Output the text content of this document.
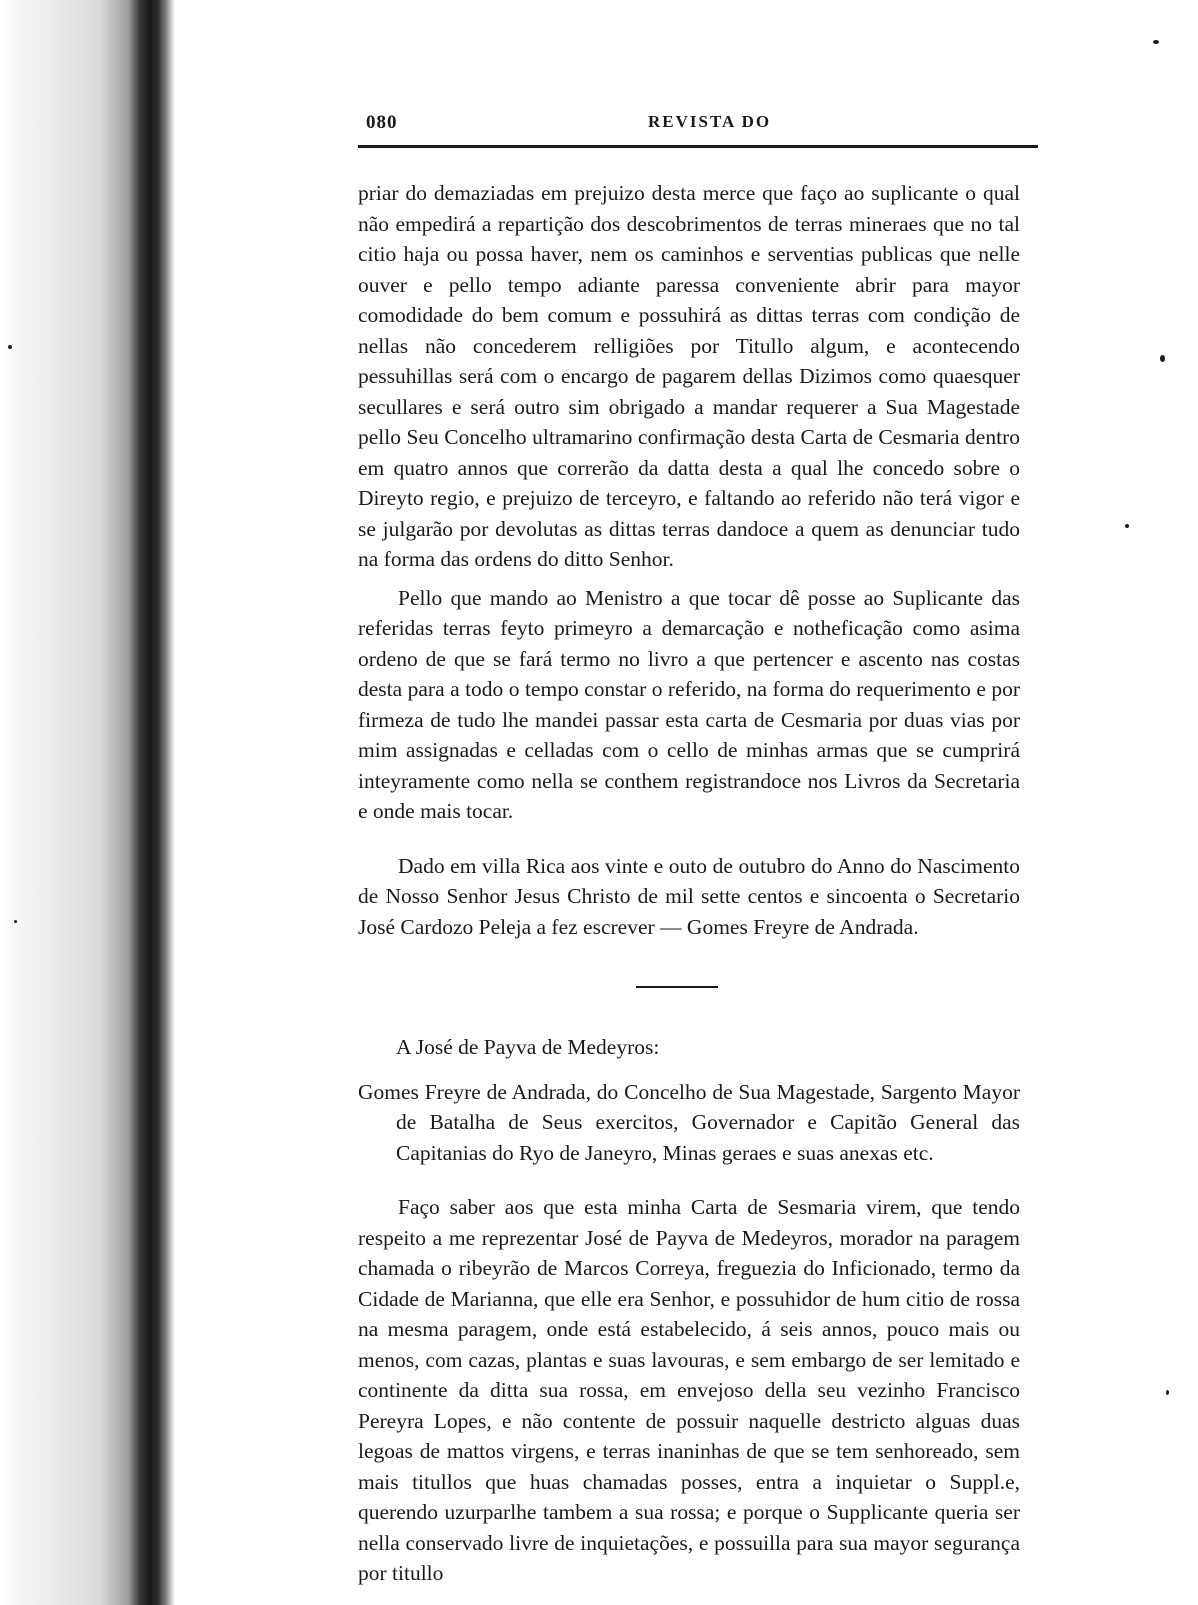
080	REVISTA DO

priar do demaziadas em prejuizo desta merce que faço ao suplicante o qual não empedirá a repartição dos descobrimentos de terras mineraes que no tal citio haja ou possa haver, nem os caminhos e serventias publicas que nelle ouver e pello tempo adiante paressa conveniente abrir para mayor comodidade do bem comum e possuhirá as dittas terras com condição de nellas não concederem relligiões por Titullo algum, e acontecendo pessuhillas será com o encargo de pagarem dellas Dizimos como quaesquer secullares e será outro sim obrigado a mandar requerer a Sua Magestade pello Seu Concelho ultramarino confirmação desta Carta de Cesmaria dentro em quatro annos que correrão da datta desta a qual lhe concedo sobre o Direyto regio, e prejuizo de terceyro, e faltando ao referido não terá vigor e se julgarão por devolutas as dittas terras dandoce a quem as denunciar tudo na forma das ordens do ditto Senhor.

Pello que mando ao Menistro a que tocar dê posse ao Suplicante das referidas terras feyto primeyro a demarcação e notheficação como asima ordeno de que se fará termo no livro a que pertencer e ascento nas costas desta para a todo o tempo constar o referido, na forma do requerimento e por firmeza de tudo lhe mandei passar esta carta de Cesmaria por duas vias por mim assignadas e celladas com o cello de minhas armas que se cumprirá inteyramente como nella se conthem registrandoce nos Livros da Secretaria e onde mais tocar.

Dado em villa Rica aos vinte e outo de outubro do Anno do Nascimento de Nosso Senhor Jesus Christo de mil sette centos e sincoenta o Secretario José Cardozo Peleja a fez escrever — Gomes Freyre de Andrada.

A José de Payva de Medeyros:

Gomes Freyre de Andrada, do Concelho de Sua Magestade, Sargento Mayor de Batalha de Seus exercitos, Governador e Capitão General das Capitanias do Ryo de Janeyro, Minas geraes e suas anexas etc.

Faço saber aos que esta minha Carta de Sesmaria virem, que tendo respeito a me reprezentar José de Payva de Medeyros, morador na paragem chamada o ribeyrão de Marcos Correya, freguezia do Inficionado, termo da Cidade de Marianna, que elle era Senhor, e possuhidor de hum citio de rossa na mesma paragem, onde está estabelecido, á seis annos, pouco mais ou menos, com cazas, plantas e suas lavouras, e sem embargo de ser lemitado e continente da ditta sua rossa, em envejoso della seu vezinho Francisco Pereyra Lopes, e não contente de possuir naquelle destricto alguas duas legoas de mattos virgens, e terras inaninhas de que se tem senhoreado, sem mais titullos que huas chamadas posses, entra a inquietar o Suppl.e, querendo uzurparlhe tambem a sua rossa; e porque o Supplicante queria ser nella conservado livre de inquietações, e possuilla para sua mayor segurança por titullo
